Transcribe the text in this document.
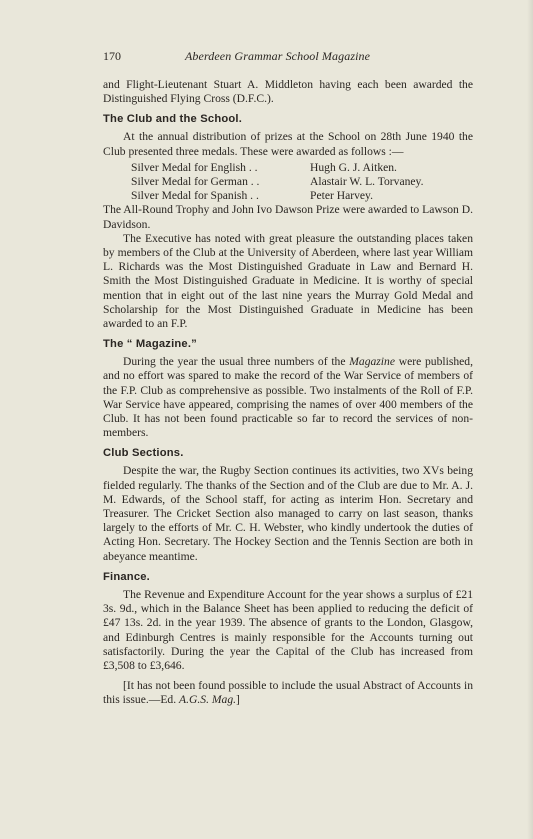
170	Aberdeen Grammar School Magazine

and Flight-Lieutenant Stuart A. Middleton having each been awarded the Distinguished Flying Cross (D.F.C.).

The Club and the School.

At the annual distribution of prizes at the School on 28th June 1940 the Club presented three medals. These were awarded as follows :—

Silver Medal for English . .	Hugh G. J. Aitken.
Silver Medal for German . .	Alastair W. L. Torvaney.
Silver Medal for Spanish . .	Peter Harvey.

The All-Round Trophy and John Ivo Dawson Prize were awarded to Lawson D. Davidson.

The Executive has noted with great pleasure the outstanding places taken by members of the Club at the University of Aberdeen, where last year William L. Richards was the Most Distinguished Graduate in Law and Bernard H. Smith the Most Distinguished Graduate in Medicine. It is worthy of special mention that in eight out of the last nine years the Murray Gold Medal and Scholarship for the Most Distinguished Graduate in Medicine has been awarded to an F.P.

The “ Magazine.”

During the year the usual three numbers of the Magazine were published, and no effort was spared to make the record of the War Service of members of the F.P. Club as comprehensive as possible. Two instalments of the Roll of F.P. War Service have appeared, comprising the names of over 400 members of the Club. It has not been found practicable so far to record the services of non-members.

Club Sections.

Despite the war, the Rugby Section continues its activities, two XVs being fielded regularly. The thanks of the Section and of the Club are due to Mr. A. J. M. Edwards, of the School staff, for acting as interim Hon. Secretary and Treasurer. The Cricket Section also managed to carry on last season, thanks largely to the efforts of Mr. C. H. Webster, who kindly undertook the duties of Acting Hon. Secretary. The Hockey Section and the Tennis Section are both in abeyance meantime.

Finance.

The Revenue and Expenditure Account for the year shows a surplus of £21 3s. 9d., which in the Balance Sheet has been applied to reducing the deficit of £47 13s. 2d. in the year 1939. The absence of grants to the London, Glasgow, and Edinburgh Centres is mainly responsible for the Accounts turning out satisfactorily. During the year the Capital of the Club has increased from £3,508 to £3,646.

[It has not been found possible to include the usual Abstract of Accounts in this issue.—Ed. A.G.S. Mag.]
